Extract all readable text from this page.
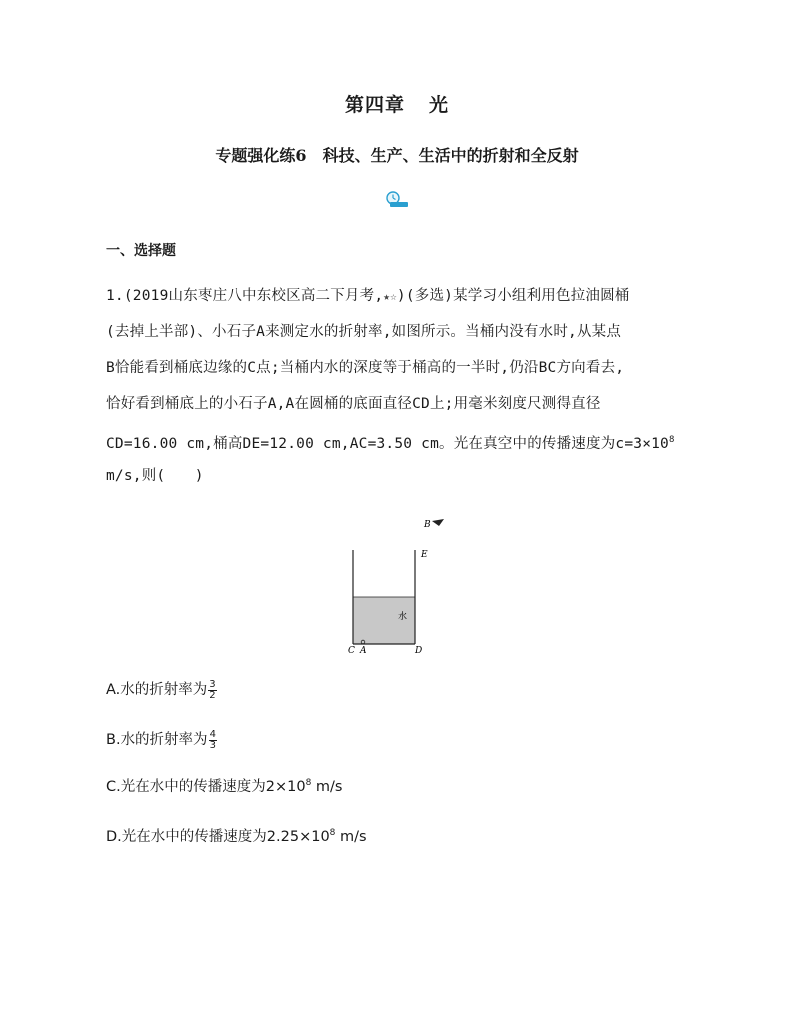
第四章 光
专题强化练6 科技、生产、生活中的折射和全反射
一、选择题
1.(2019山东枣庄八中东校区高二下月考,★☆)(多选)某学习小组利用色拉油圆桶
(去掉上半部)、小石子A来测定水的折射率,如图所示。当桶内没有水时,从某点
B恰能看到桶底边缘的C点;当桶内水的深度等于桶高的一半时,仍沿BC方向看去,
恰好看到桶底上的小石子A,A在圆桶的底面直径CD上;用毫米刻度尺测得直径
CD=16.00 cm,桶高DE=12.00 cm,AC=3.50 cm。光在真空中的传播速度为$c=3\times 10^8$
m/s,则(　　)
B
E
水
C A	D
A.水的折射率为 $\frac{3}{2}$
B.水的折射率为 $\frac{4}{3}$
C.光在水中的传播速度为$2\times 10^8$ m/s
D.光在水中的传播速度为$2.25\times 10^8$ m/s
